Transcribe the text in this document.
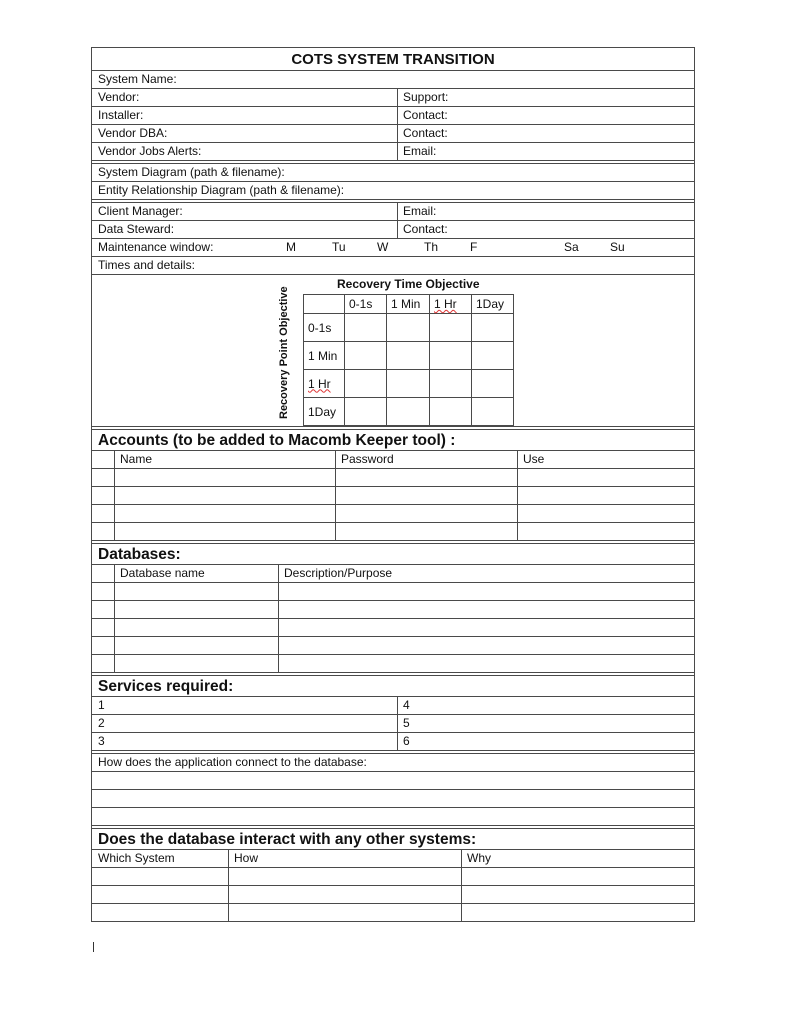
COTS SYSTEM TRANSITION
System Name:
Vendor:	Support:
Installer:	Contact:
Vendor DBA:	Contact:
Vendor Jobs Alerts:	Email:
System Diagram (path & filename):
Entity Relationship Diagram (path & filename):
Client Manager:	Email:
Data Steward:	Contact:
Maintenance window:	M	Tu	W	Th	F	Sa	Su
Times and details:
Recovery Time Objective
Recovery Point Objective
		0-1s	1 Min	1 Hr	1Day
0-1s				
1 Min				
1 Hr				
1Day				
Accounts (to be added to Macomb Keeper tool) :
Name	Password	Use
Databases:
Database name	Description/Purpose
Services required:
1	4
2	5
3	6
How does the application connect to the database:
Does the database interact with any other systems:
Which System	How	Why
